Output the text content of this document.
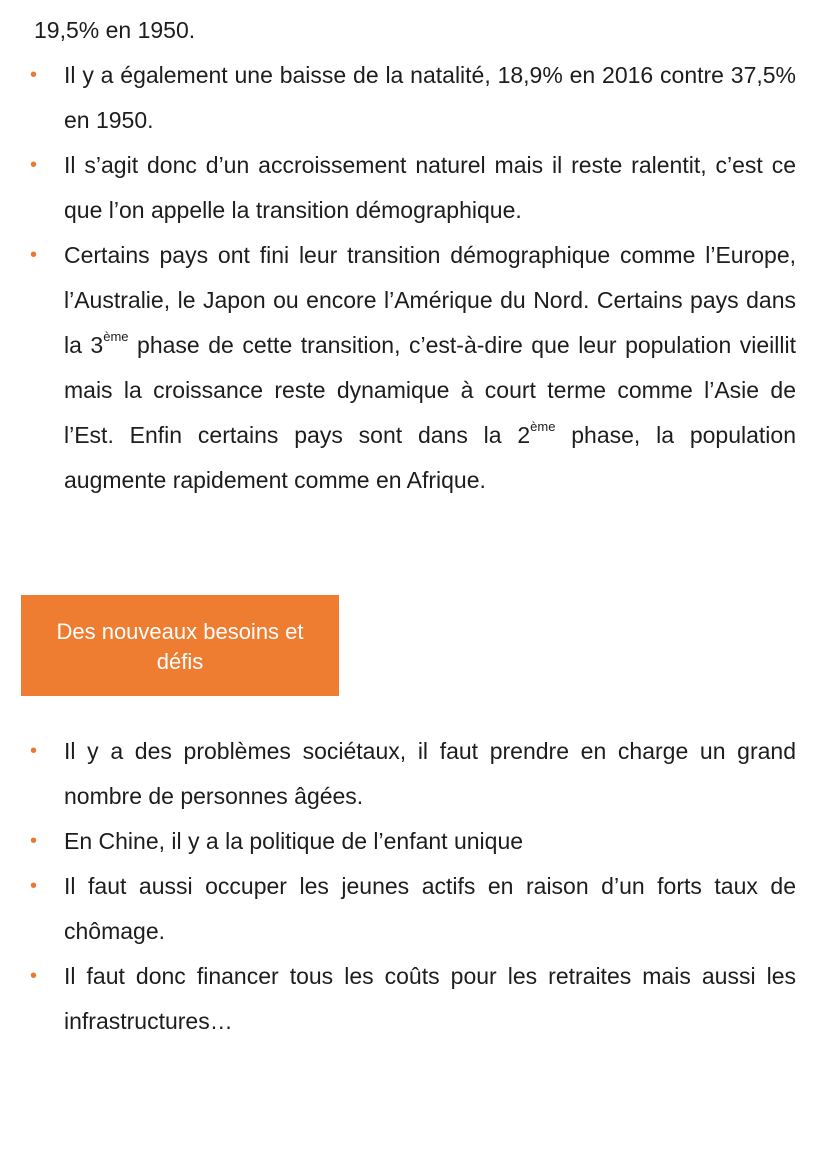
19,5% en 1950.

• Il y a également une baisse de la natalité, 18,9% en 2016 contre 37,5% en 1950.
• Il s’agit donc d’un accroissement naturel mais il reste ralentit, c’est ce que l’on appelle la transition démographique.
• Certains pays ont fini leur transition démographique comme l’Europe, l’Australie, le Japon ou encore l’Amérique du Nord. Certains pays dans la 3ème phase de cette transition, c’est-à-dire que leur population vieillit mais la croissance reste dynamique à court terme comme l’Asie de l’Est. Enfin certains pays sont dans la 2ème phase, la population augmente rapidement comme en Afrique.
Des nouveaux besoins et
défis
• Il y a des problèmes sociétaux, il faut prendre en charge un grand nombre de personnes âgées.
• En Chine, il y a la politique de l’enfant unique
• Il faut aussi occuper les jeunes actifs en raison d’un forts taux de chômage.
• Il faut donc financer tous les coûts pour les retraites mais aussi les infrastructures…
